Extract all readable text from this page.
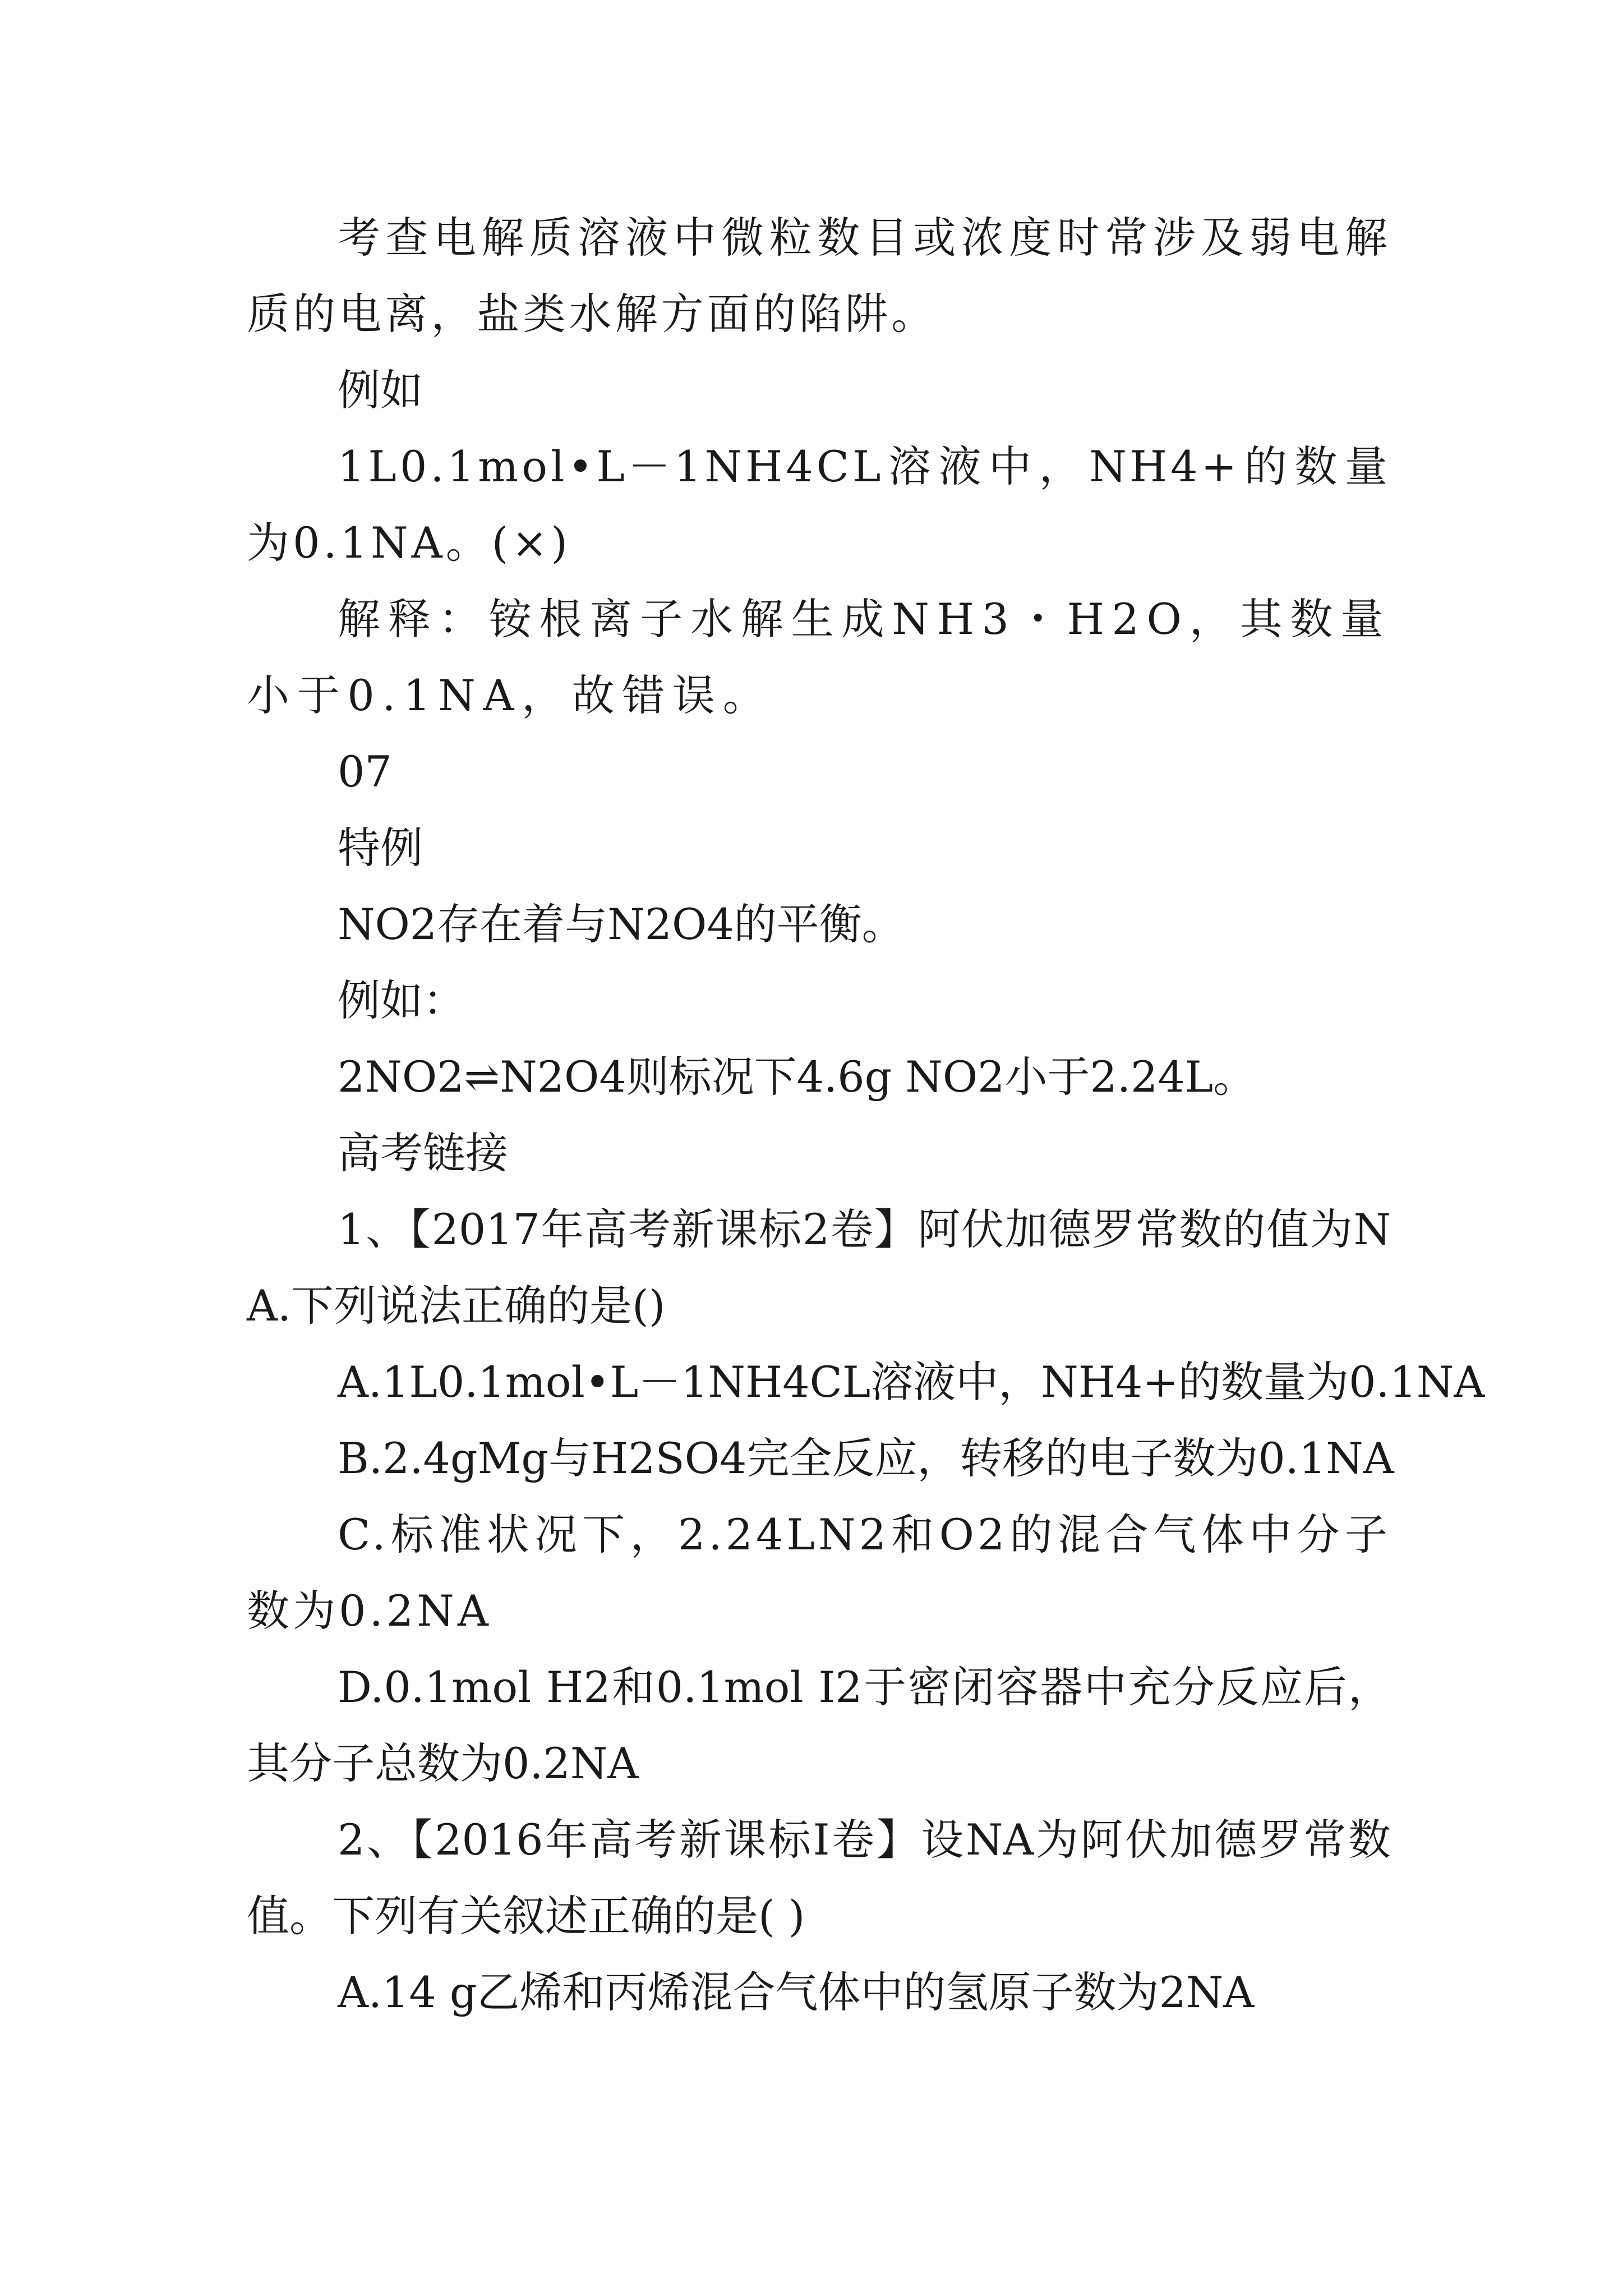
考查电解质溶液中微粒数目或浓度时常涉及弱电解质的电离，盐类水解方面的陷阱。

例如

1L0.1mol•L－1NH4CL溶液中，NH4+的数量为0.1NA。(×)

解释：铵根离子水解生成NH3・H2O，其数量小于0.1NA，故错误。

07

特例

NO2存在着与N2O4的平衡。

例如：

2NO2⇌N2O4则标况下4.6g NO2小于2.24L。

高考链接

1、【2017年高考新课标2卷】阿伏加德罗常数的值为NA.下列说法正确的是()

A.1L0.1mol•L－1NH4CL溶液中，NH4+的数量为0.1NA

B.2.4gMg与H2SO4完全反应，转移的电子数为0.1NA

C.标准状况下，2.24LN2和O2的混合气体中分子数为0.2NA

D.0.1mol H2和0.1mol I2于密闭容器中充分反应后，其分子总数为0.2NA

2、【2016年高考新课标Ⅰ卷】设NA为阿伏加德罗常数值。下列有关叙述正确的是( )

A.14 g乙烯和丙烯混合气体中的氢原子数为2NA
